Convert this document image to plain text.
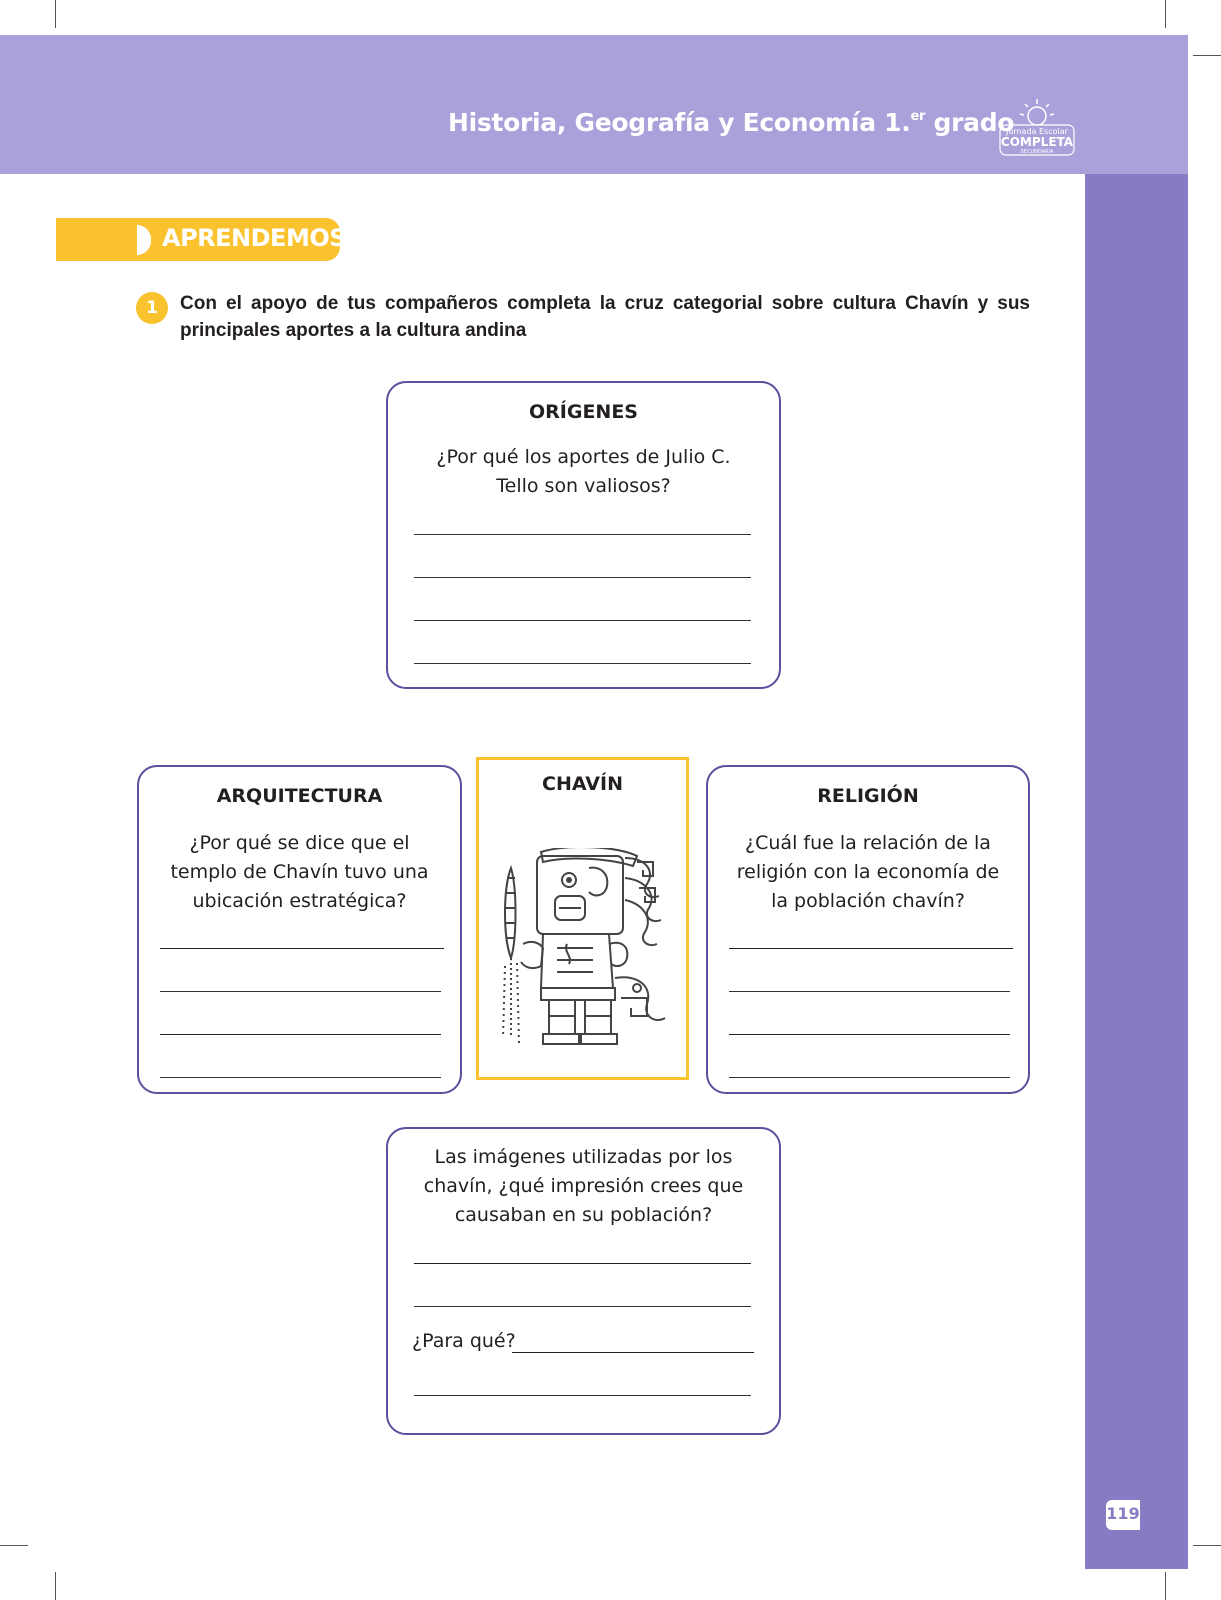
Historia, Geografía y Economía 1.$^{er}$ grado
Jornada Escolar
COMPLETA
SECUNDARIA
119
APRENDEMOS
1	Con el apoyo de tus compañeros completa la cruz categorial sobre cultura Chavín y sus principales aportes a la cultura andina
ORÍGENES
¿Por qué los aportes de Julio C. Tello son valiosos?
ARQUITECTURA
¿Por qué se dice que el templo de Chavín tuvo una ubicación estratégica?
CHAVÍN
RELIGIÓN
¿Cuál fue la relación de la religión con la economía de la población chavín?
Las imágenes utilizadas por los chavín, ¿qué impresión crees que causaban en su población?
¿Para qué?
